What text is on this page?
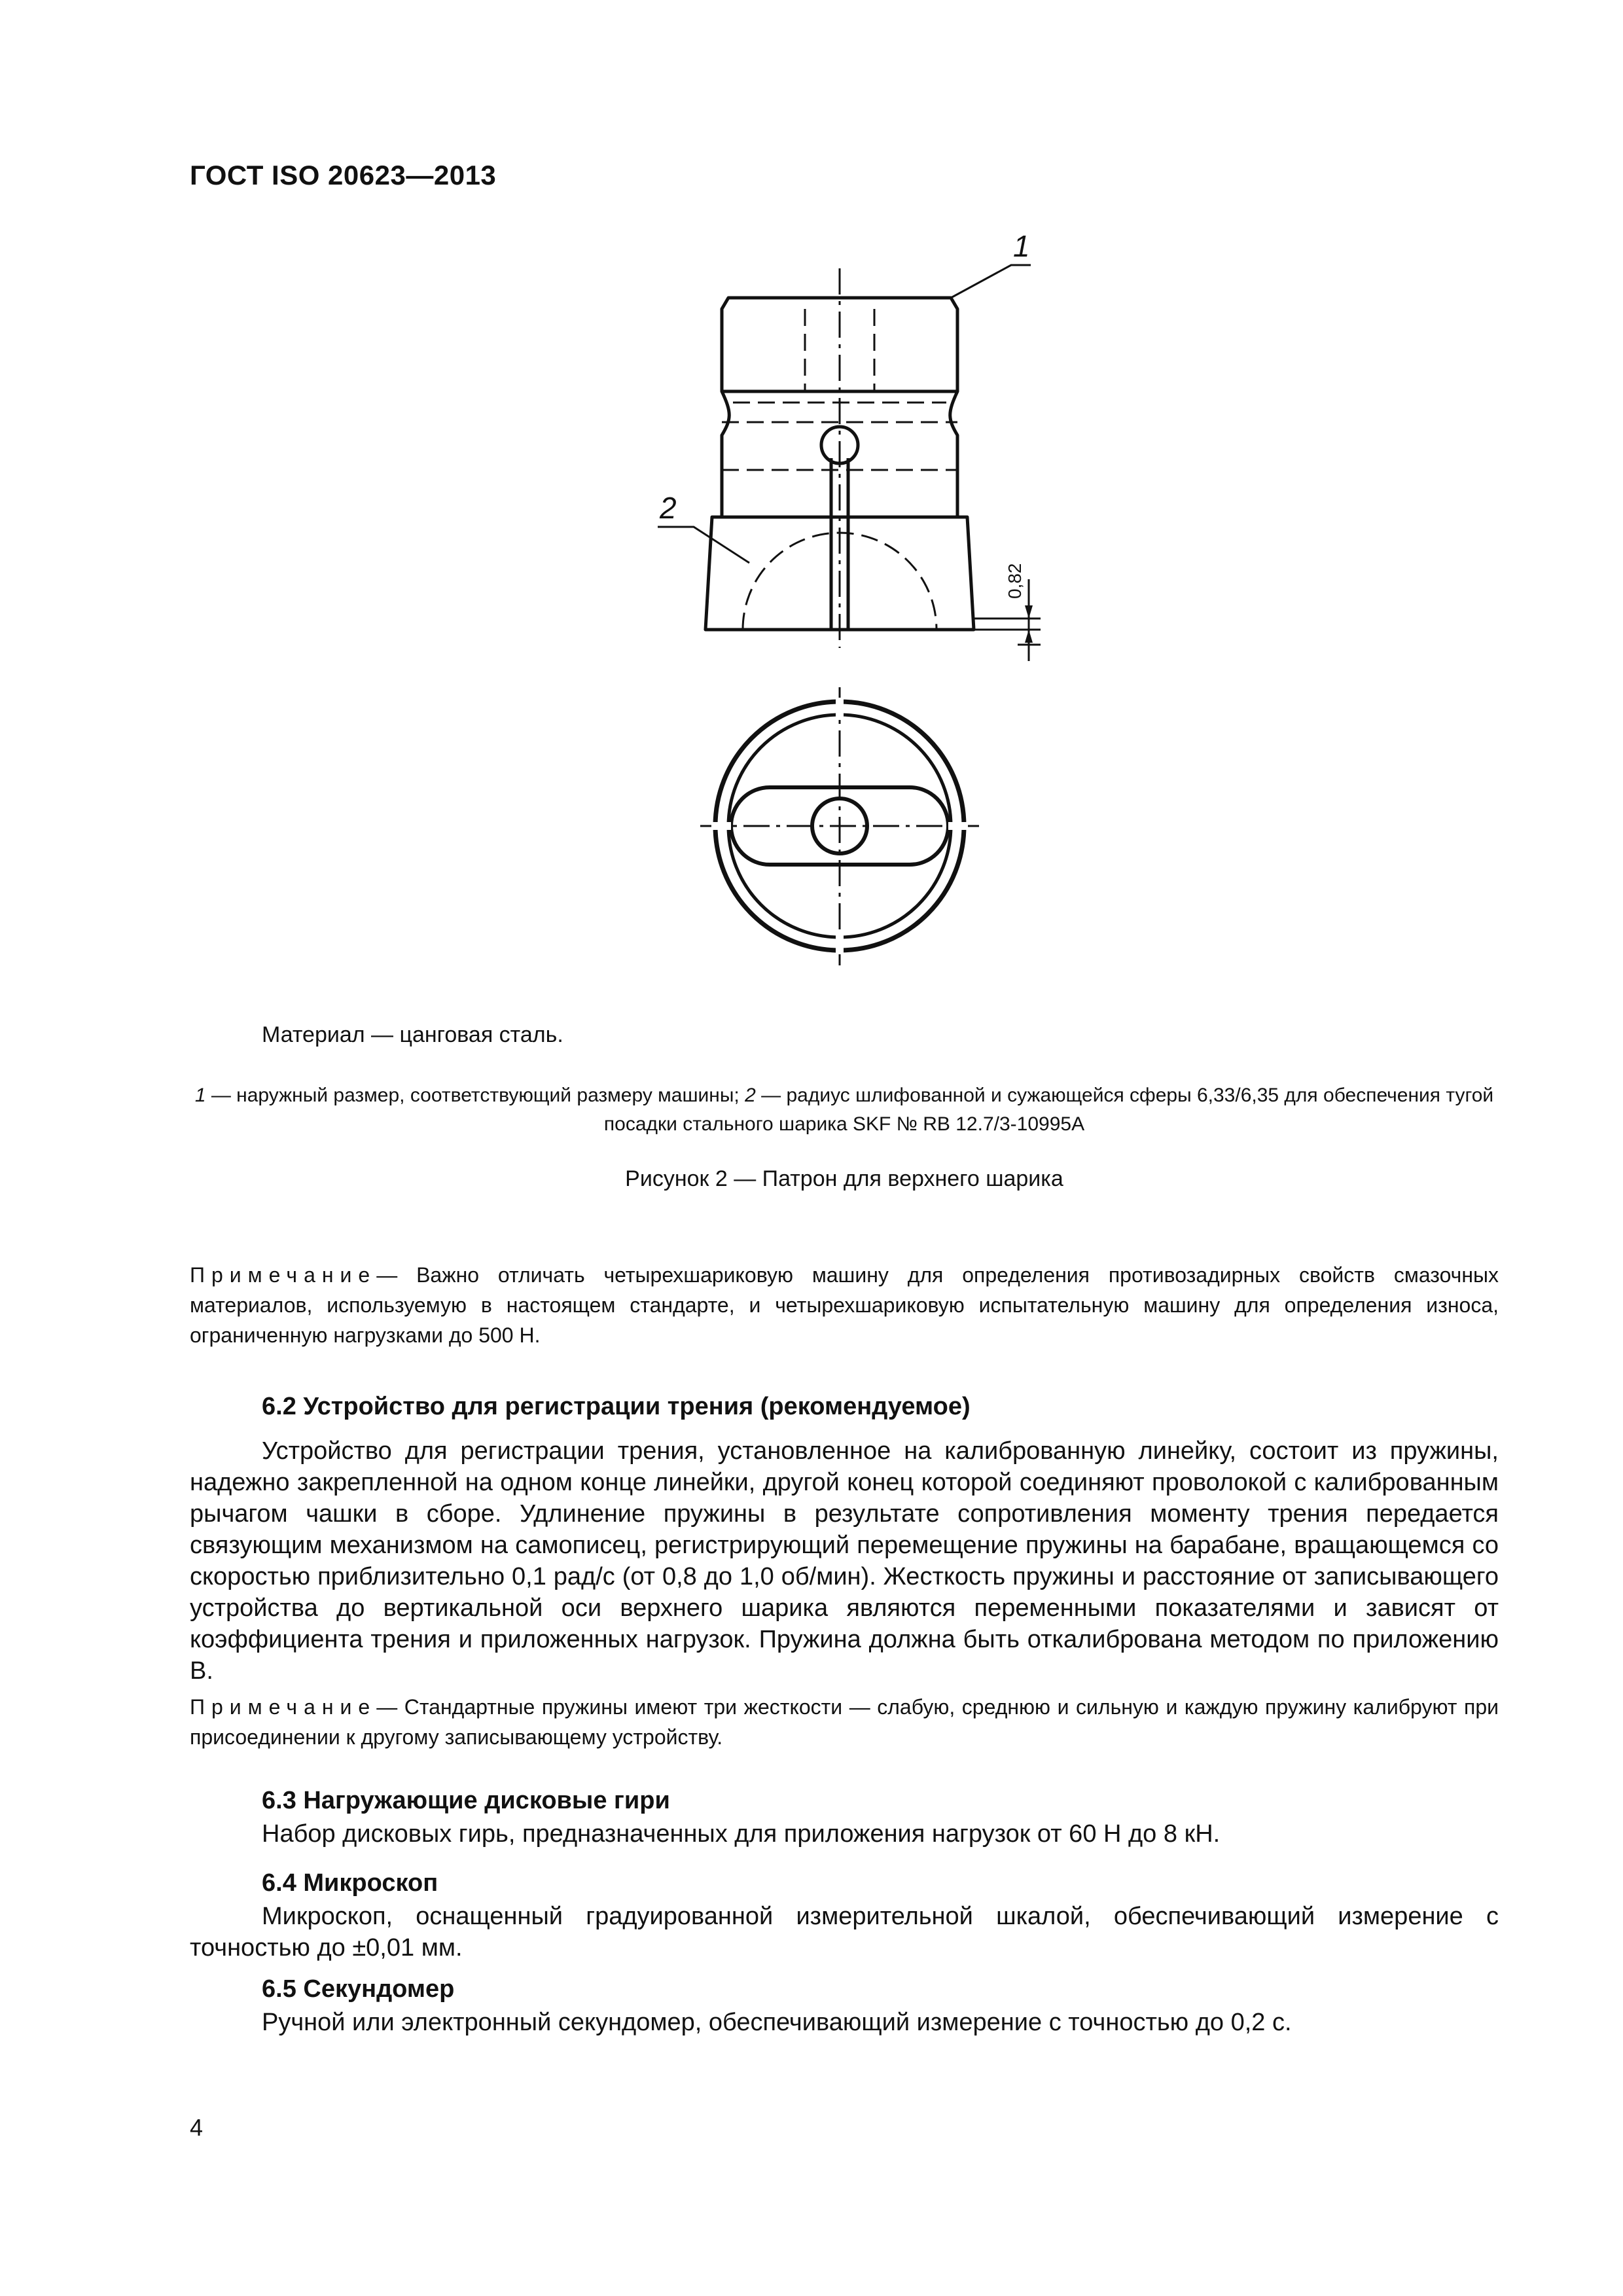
ГОСТ ISO 20623—2013
1
2
0,82
Материал — цанговая сталь.
1 — наружный размер, соответствующий размеру машины; 2 — радиус шлифованной и сужающейся сферы 6,33/6,35 для обеспечения тугой посадки стального шарика SKF № RB 12.7/3-10995A
Рисунок 2 — Патрон для верхнего шарика
Примечание— Важно отличать четырехшариковую машину для определения противозадирных свойств смазочных материалов, используемую в настоящем стандарте, и четырехшариковую испытательную машину для определения износа, ограниченную нагрузками до 500 Н.
6.2 Устройство для регистрации трения (рекомендуемое)
Устройство для регистрации трения, установленное на калиброванную линейку, состоит из пружины, надежно закрепленной на одном конце линейки, другой конец которой соединяют проволокой с калиброванным рычагом чашки в сборе. Удлинение пружины в результате сопротивления моменту трения передается связующим механизмом на самописец, регистрирующий перемещение пружины на барабане, вращающемся со скоростью приблизительно 0,1 рад/с (от 0,8 до 1,0 об/мин). Жесткость пружины и расстояние от записывающего устройства до вертикальной оси верхнего шарика являются переменными показателями и зависят от коэффициента трения и приложенных нагрузок. Пружина должна быть откалибрована методом по приложению В.
Примечание— Стандартные пружины имеют три жесткости — слабую, среднюю и сильную и каждую пружину калибруют при присоединении к другому записывающему устройству.
6.3 Нагружающие дисковые гири
Набор дисковых гирь, предназначенных для приложения нагрузок от 60 Н до 8 кН.
6.4 Микроскоп
Микроскоп, оснащенный градуированной измерительной шкалой, обеспечивающий измерение с точностью до ±0,01 мм.
6.5 Секундомер
Ручной или электронный секундомер, обеспечивающий измерение с точностью до 0,2 с.
4
